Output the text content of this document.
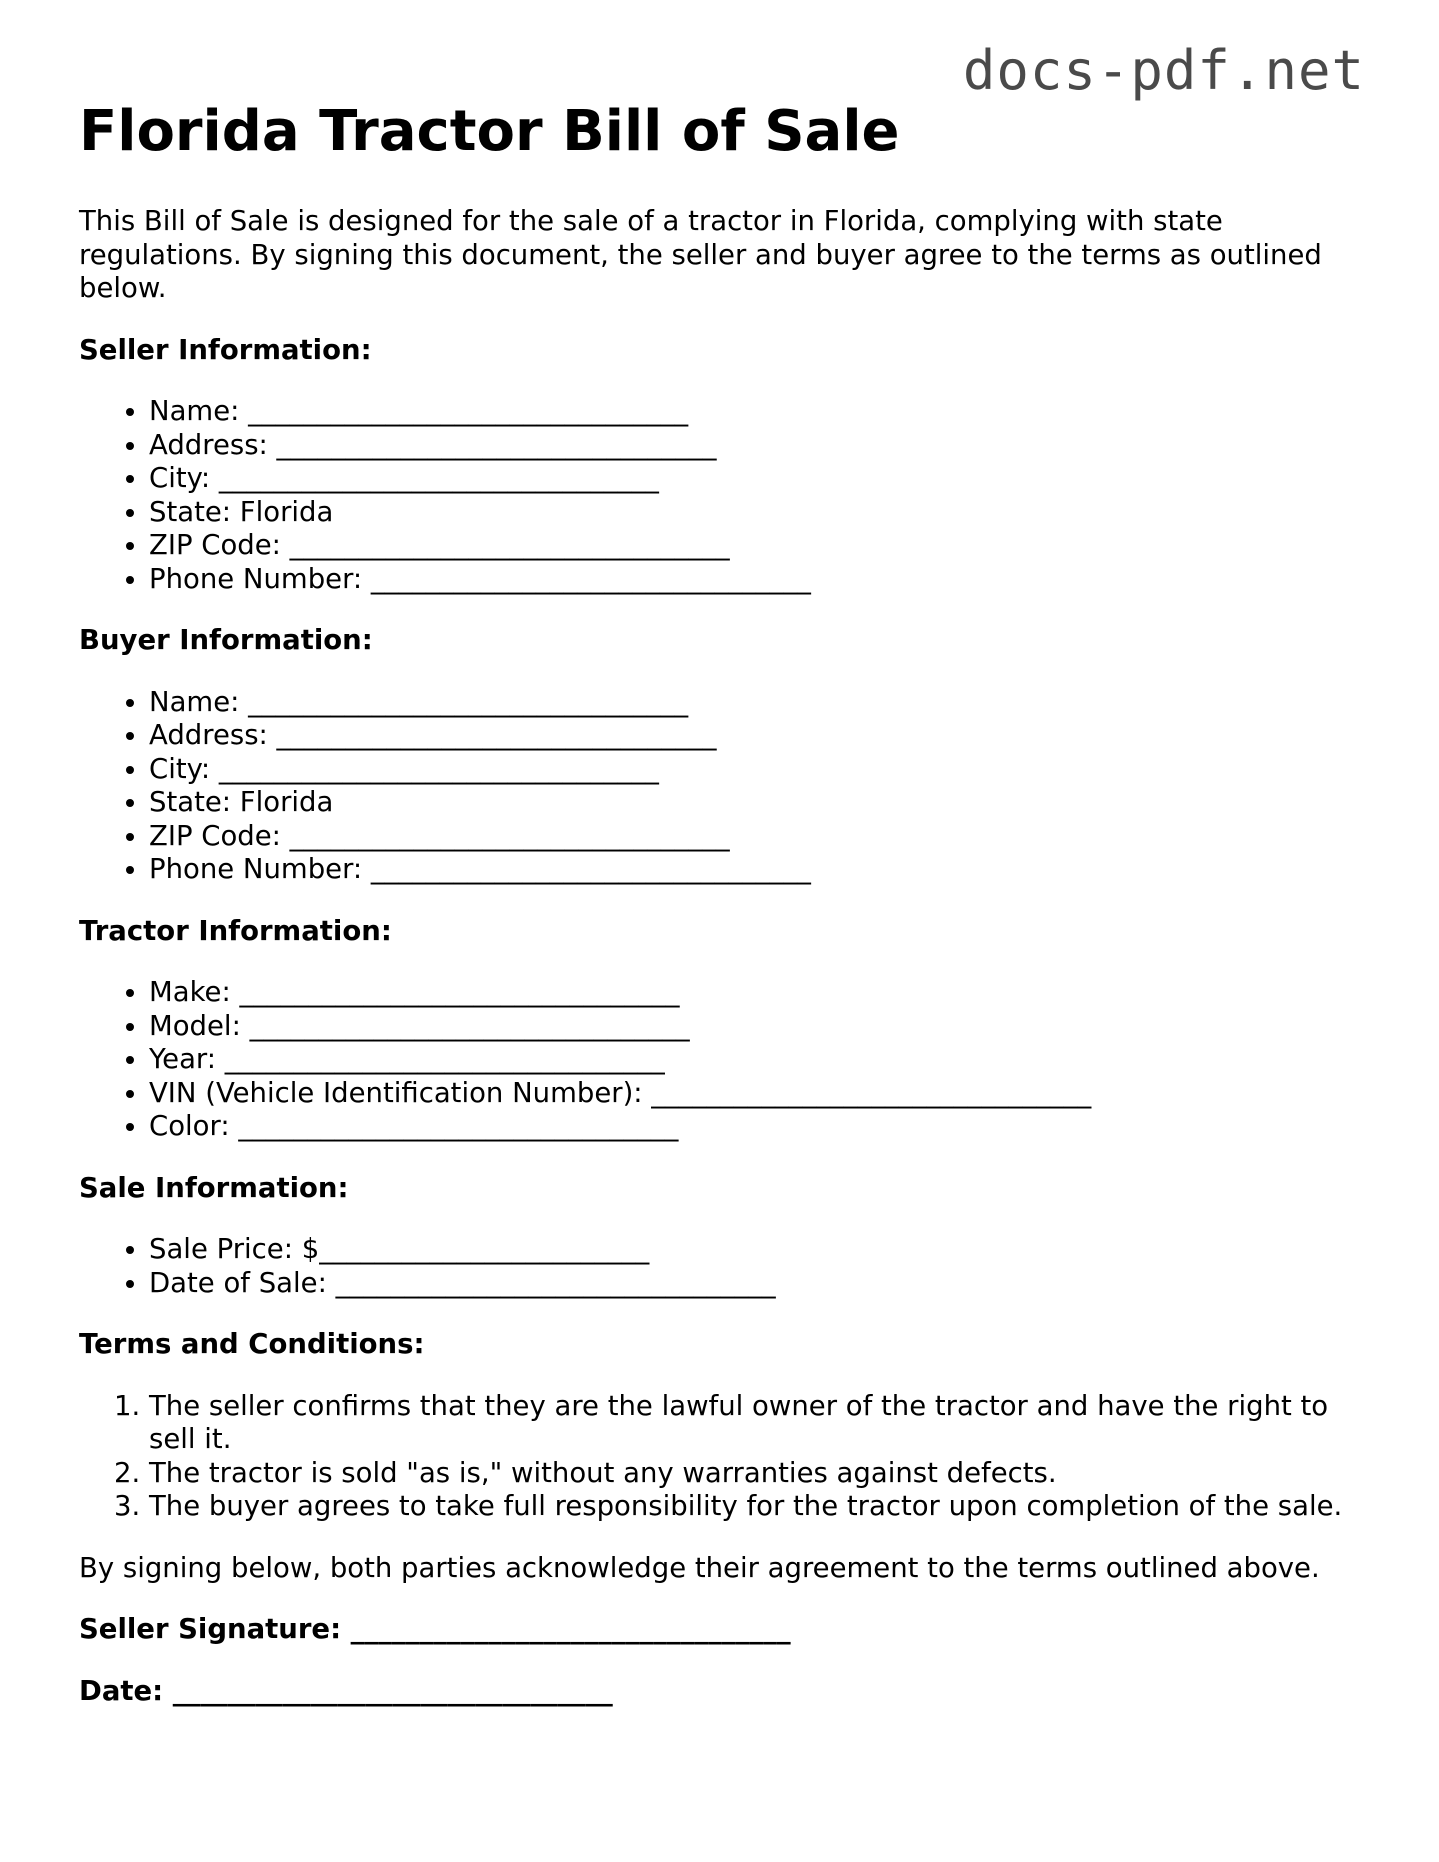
docs-pdf.net
Florida Tractor Bill of Sale

This Bill of Sale is designed for the sale of a tractor in Florida, complying with state regulations. By signing this document, the seller and buyer agree to the terms as outlined below.

Seller Information:

• Name: ________________________________
• Address: ________________________________
• City: ________________________________
• State: Florida
• ZIP Code: ________________________________
• Phone Number: ________________________________

Buyer Information:

• Name: ________________________________
• Address: ________________________________
• City: ________________________________
• State: Florida
• ZIP Code: ________________________________
• Phone Number: ________________________________

Tractor Information:

• Make: ________________________________
• Model: ________________________________
• Year: ________________________________
• VIN (Vehicle Identification Number): ________________________________
• Color: ________________________________

Sale Information:

• Sale Price: $________________________
• Date of Sale: ________________________________

Terms and Conditions:

1. The seller confirms that they are the lawful owner of the tractor and have the right to sell it.
2. The tractor is sold "as is," without any warranties against defects.
3. The buyer agrees to take full responsibility for the tractor upon completion of the sale.

By signing below, both parties acknowledge their agreement to the terms outlined above.

Seller Signature: ________________________________

Date: ________________________________
